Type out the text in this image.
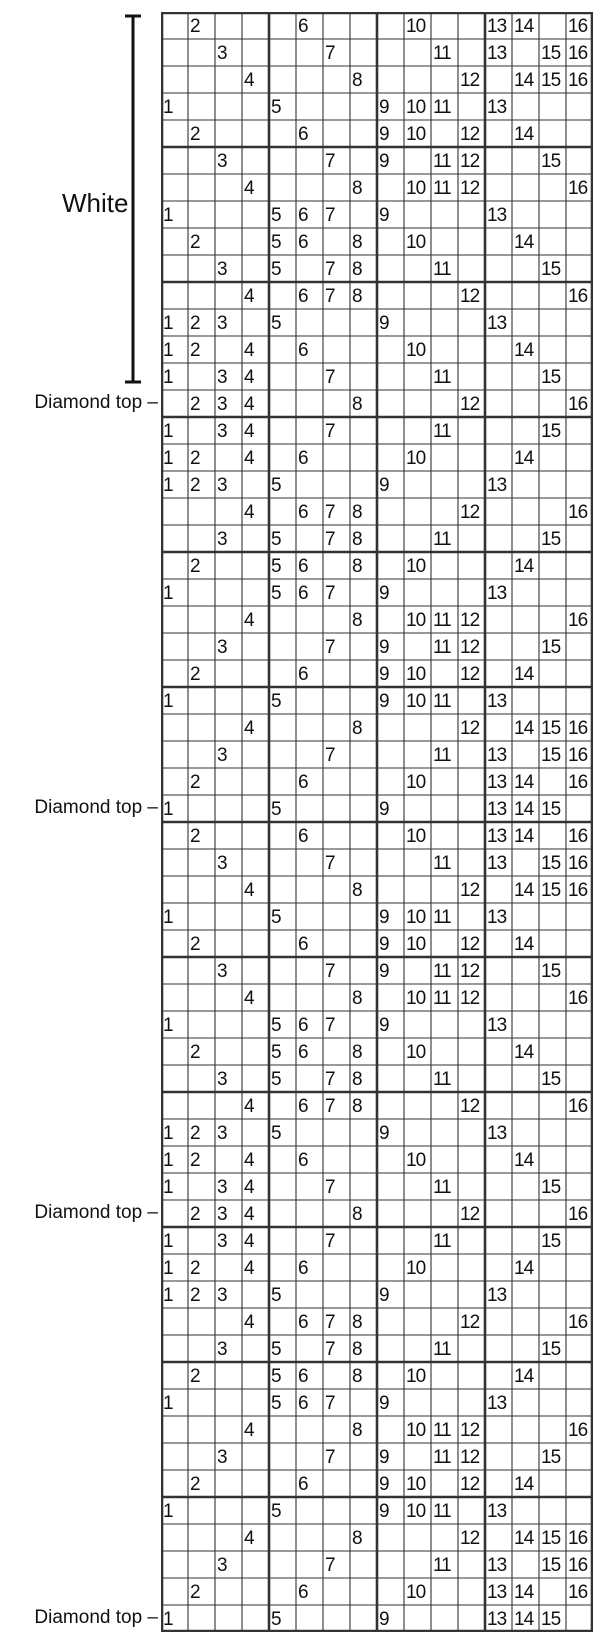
White
Diamond top –
Diamond top –
Diamond top –
Diamond top –
2	6	10	13 14	16
3	7	11	13	15 16
4	8	12	14 15 16
1	5	9 10 11	13
2	6	9 10	12	14
3	7	9	11 12	15
4	8	10 11 12	16
1	5 6 7	9	13
2	5 6	8	10	14
3	5	7 8	11	15
4	6 7 8	12	16
1 2 3	5	9	13
1 2	4	6	10	14
1	3 4	7	11	15
2 3 4	8	12	16
1	3 4	7	11	15
1 2	4	6	10	14
1 2 3	5	9	13
4	6 7 8	12	16
3	5	7 8	11	15
2	5 6	8	10	14
1	5 6 7	9	13
4	8	10 11 12	16
3	7	9	11 12	15
2	6	9 10	12	14
1	5	9 10 11	13
4	8	12	14 15 16
3	7	11	13	15 16
2	6	10	13 14	16
1	5	9	13 14 15
2	6	10	13 14	16
3	7	11	13	15 16
4	8	12	14 15 16
1	5	9 10 11	13
2	6	9 10	12	14
3	7	9	11 12	15
4	8	10 11 12	16
1	5 6 7	9	13
2	5 6	8	10	14
3	5	7 8	11	15
4	6 7 8	12	16
1 2 3	5	9	13
1 2	4	6	10	14
1	3 4	7	11	15
2 3 4	8	12	16
1	3 4	7	11	15
1 2	4	6	10	14
1 2 3	5	9	13
4	6 7 8	12	16
3	5	7 8	11	15
2	5 6	8	10	14
1	5 6 7	9	13
4	8	10 11 12	16
3	7	9	11 12	15
2	6	9 10	12	14
1	5	9 10 11	13
4	8	12	14 15 16
3	7	11	13	15 16
2	6	10	13 14	16
1	5	9	13 14 15
